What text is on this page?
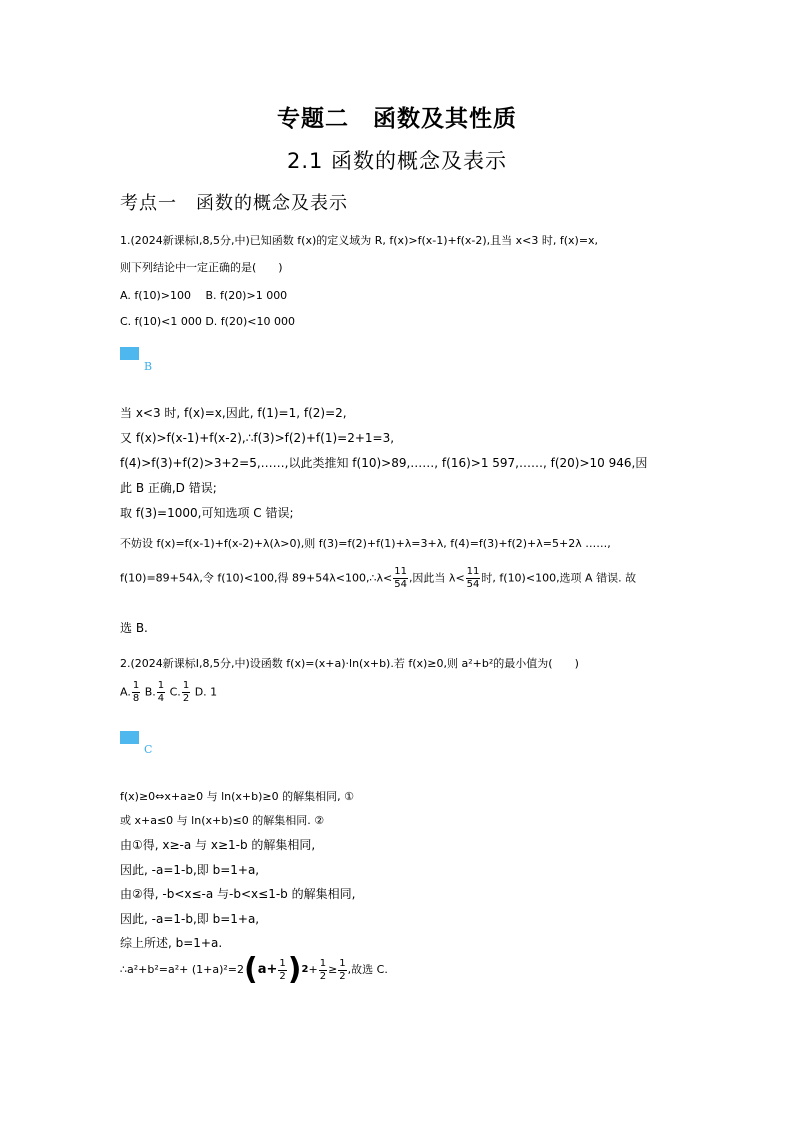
专题二　函数及其性质
2.1 函数的概念及表示
考点一　函数的概念及表示
1.(2024新课标Ⅰ,8,5分,中)已知函数 f(x)的定义域为 R, f(x)>f(x-1)+f(x-2),且当 x<3 时, f(x)=x,
则下列结论中一定正确的是(　　)
A. f(10)>100　 B. f(20)>1 000
C. f(10)<1 000 D. f(20)<10 000
B
当 x<3 时, f(x)=x,因此, f(1)=1, f(2)=2,
又 f(x)>f(x-1)+f(x-2),∴f(3)>f(2)+f(1)=2+1=3,
f(4)>f(3)+f(2)>3+2=5,……,以此类推知 f(10)>89,……, f(16)>1 597,……, f(20)>10 946,因
此 B 正确,D 错误;
取 f(3)=1000,可知选项 C 错误;
不妨设 f(x)=f(x-1)+f(x-2)+λ(λ>0),则 f(3)=f(2)+f(1)+λ=3+λ, f(4)=f(3)+f(2)+λ=5+2λ ……,
f(10)=89+54λ,令 f(10)<100,得 89+54λ<100,∴λ< $\frac{11}{54}$ ,因此当 $\lambda< \frac{11}{54}$ 时, f(10)<100,选项 A 错误. 故
选 B.
2.(2024新课标Ⅰ,8,5分,中)设函数 f(x)=(x+a)·ln(x+b).若 f(x)≥0,则 a²+b²的最小值为(　　)
A. $\frac{1}{8} B$. $\frac{1}{4} C$. $\frac{1}{2} D$. 1
C
f(x)≥0⇔x+a≥0 与 ln(x+b)≥0 的解集相同, ①
或 x+a≤0 与 ln(x+b)≤0 的解集相同. ②
由①得, x≥-a 与 x≥1-b 的解集相同,
因此, -a=1-b,即 b=1+a,
由②得, -b<x≤-a 与-b<x≤1-b 的解集相同,
因此, -a=1-b,即 b=1+a,
综上所述, b=1+a.
∴a²+b²=a²+ $(1+a)^2=2(a+ \frac{1}{2} )2+ \frac{1}{2} \ge \frac{1}{2}$ ,故选 C.
